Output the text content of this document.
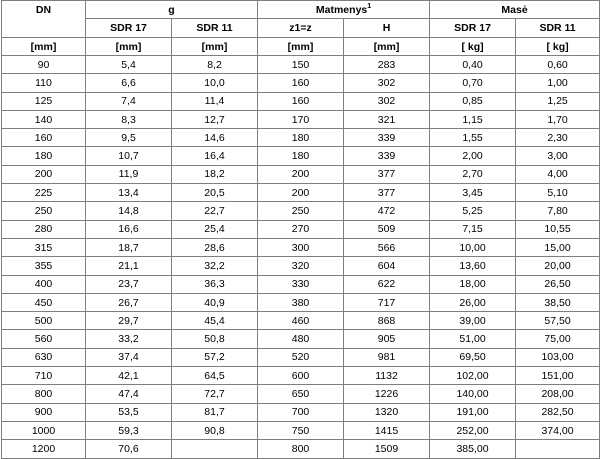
DN	g		Matmenys$^1$		Masė	
	SDR 17	SDR 11	z1=z	H	SDR 17	SDR 11
[mm]	[mm]	[mm]	[mm]	[mm]	[ kg]	[ kg]
90	5,4	8,2	150	283	0,40	0,60
110	6,6	10,0	160	302	0,70	1,00
125	7,4	11,4	160	302	0,85	1,25
140	8,3	12,7	170	321	1,15	1,70
160	9,5	14,6	180	339	1,55	2,30
180	10,7	16,4	180	339	2,00	3,00
200	11,9	18,2	200	377	2,70	4,00
225	13,4	20,5	200	377	3,45	5,10
250	14,8	22,7	250	472	5,25	7,80
280	16,6	25,4	270	509	7,15	10,55
315	18,7	28,6	300	566	10,00	15,00
355	21,1	32,2	320	604	13,60	20,00
400	23,7	36,3	330	622	18,00	26,50
450	26,7	40,9	380	717	26,00	38,50
500	29,7	45,4	460	868	39,00	57,50
560	33,2	50,8	480	905	51,00	75,00
630	37,4	57,2	520	981	69,50	103,00
710	42,1	64,5	600	1132	102,00	151,00
800	47,4	72,7	650	1226	140,00	208,00
900	53,5	81,7	700	1320	191,00	282,50
1000	59,3	90,8	750	1415	252,00	374,00
1200	70,6		800	1509	385,00	
